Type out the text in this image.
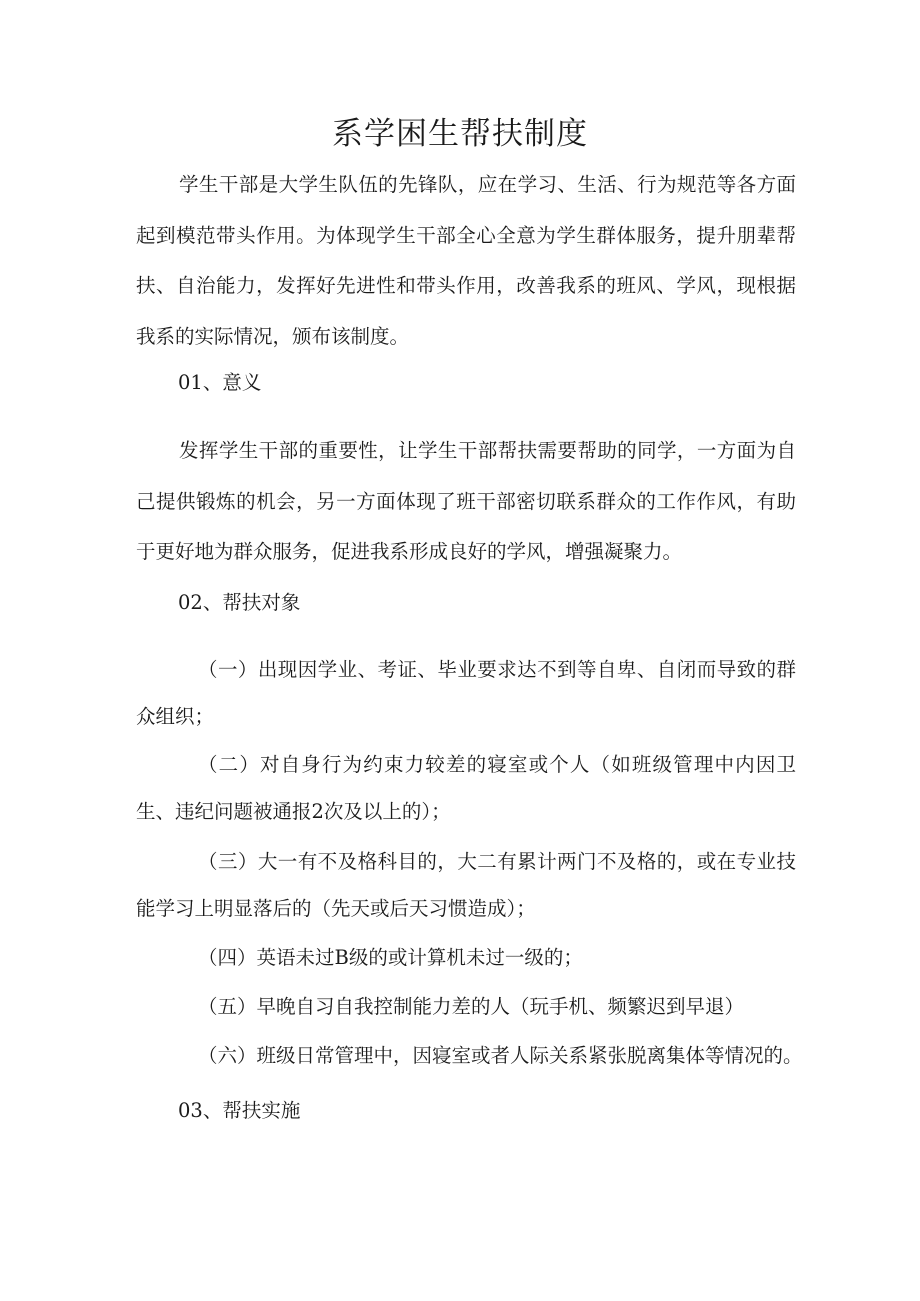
系学困生帮扶制度

学生干部是大学生队伍的先锋队，应在学习、生活、行为规范等各方面起到模范带头作用。为体现学生干部全心全意为学生群体服务，提升朋辈帮扶、自治能力，发挥好先进性和带头作用，改善我系的班风、学风，现根据我系的实际情况，颁布该制度。

01、意义

发挥学生干部的重要性，让学生干部帮扶需要帮助的同学，一方面为自己提供锻炼的机会，另一方面体现了班干部密切联系群众的工作作风，有助于更好地为群众服务，促进我系形成良好的学风，增强凝聚力。

02、帮扶对象

（一）出现因学业、考证、毕业要求达不到等自卑、自闭而导致的群众组织；

（二）对自身行为约束力较差的寝室或个人（如班级管理中内因卫生、违纪问题被通报2次及以上的）；

（三）大一有不及格科目的，大二有累计两门不及格的，或在专业技能学习上明显落后的（先天或后天习惯造成）；

（四）英语未过B级的或计算机未过一级的；

（五）早晚自习自我控制能力差的人（玩手机、频繁迟到早退）

（六）班级日常管理中，因寝室或者人际关系紧张脱离集体等情况的。

03、帮扶实施
